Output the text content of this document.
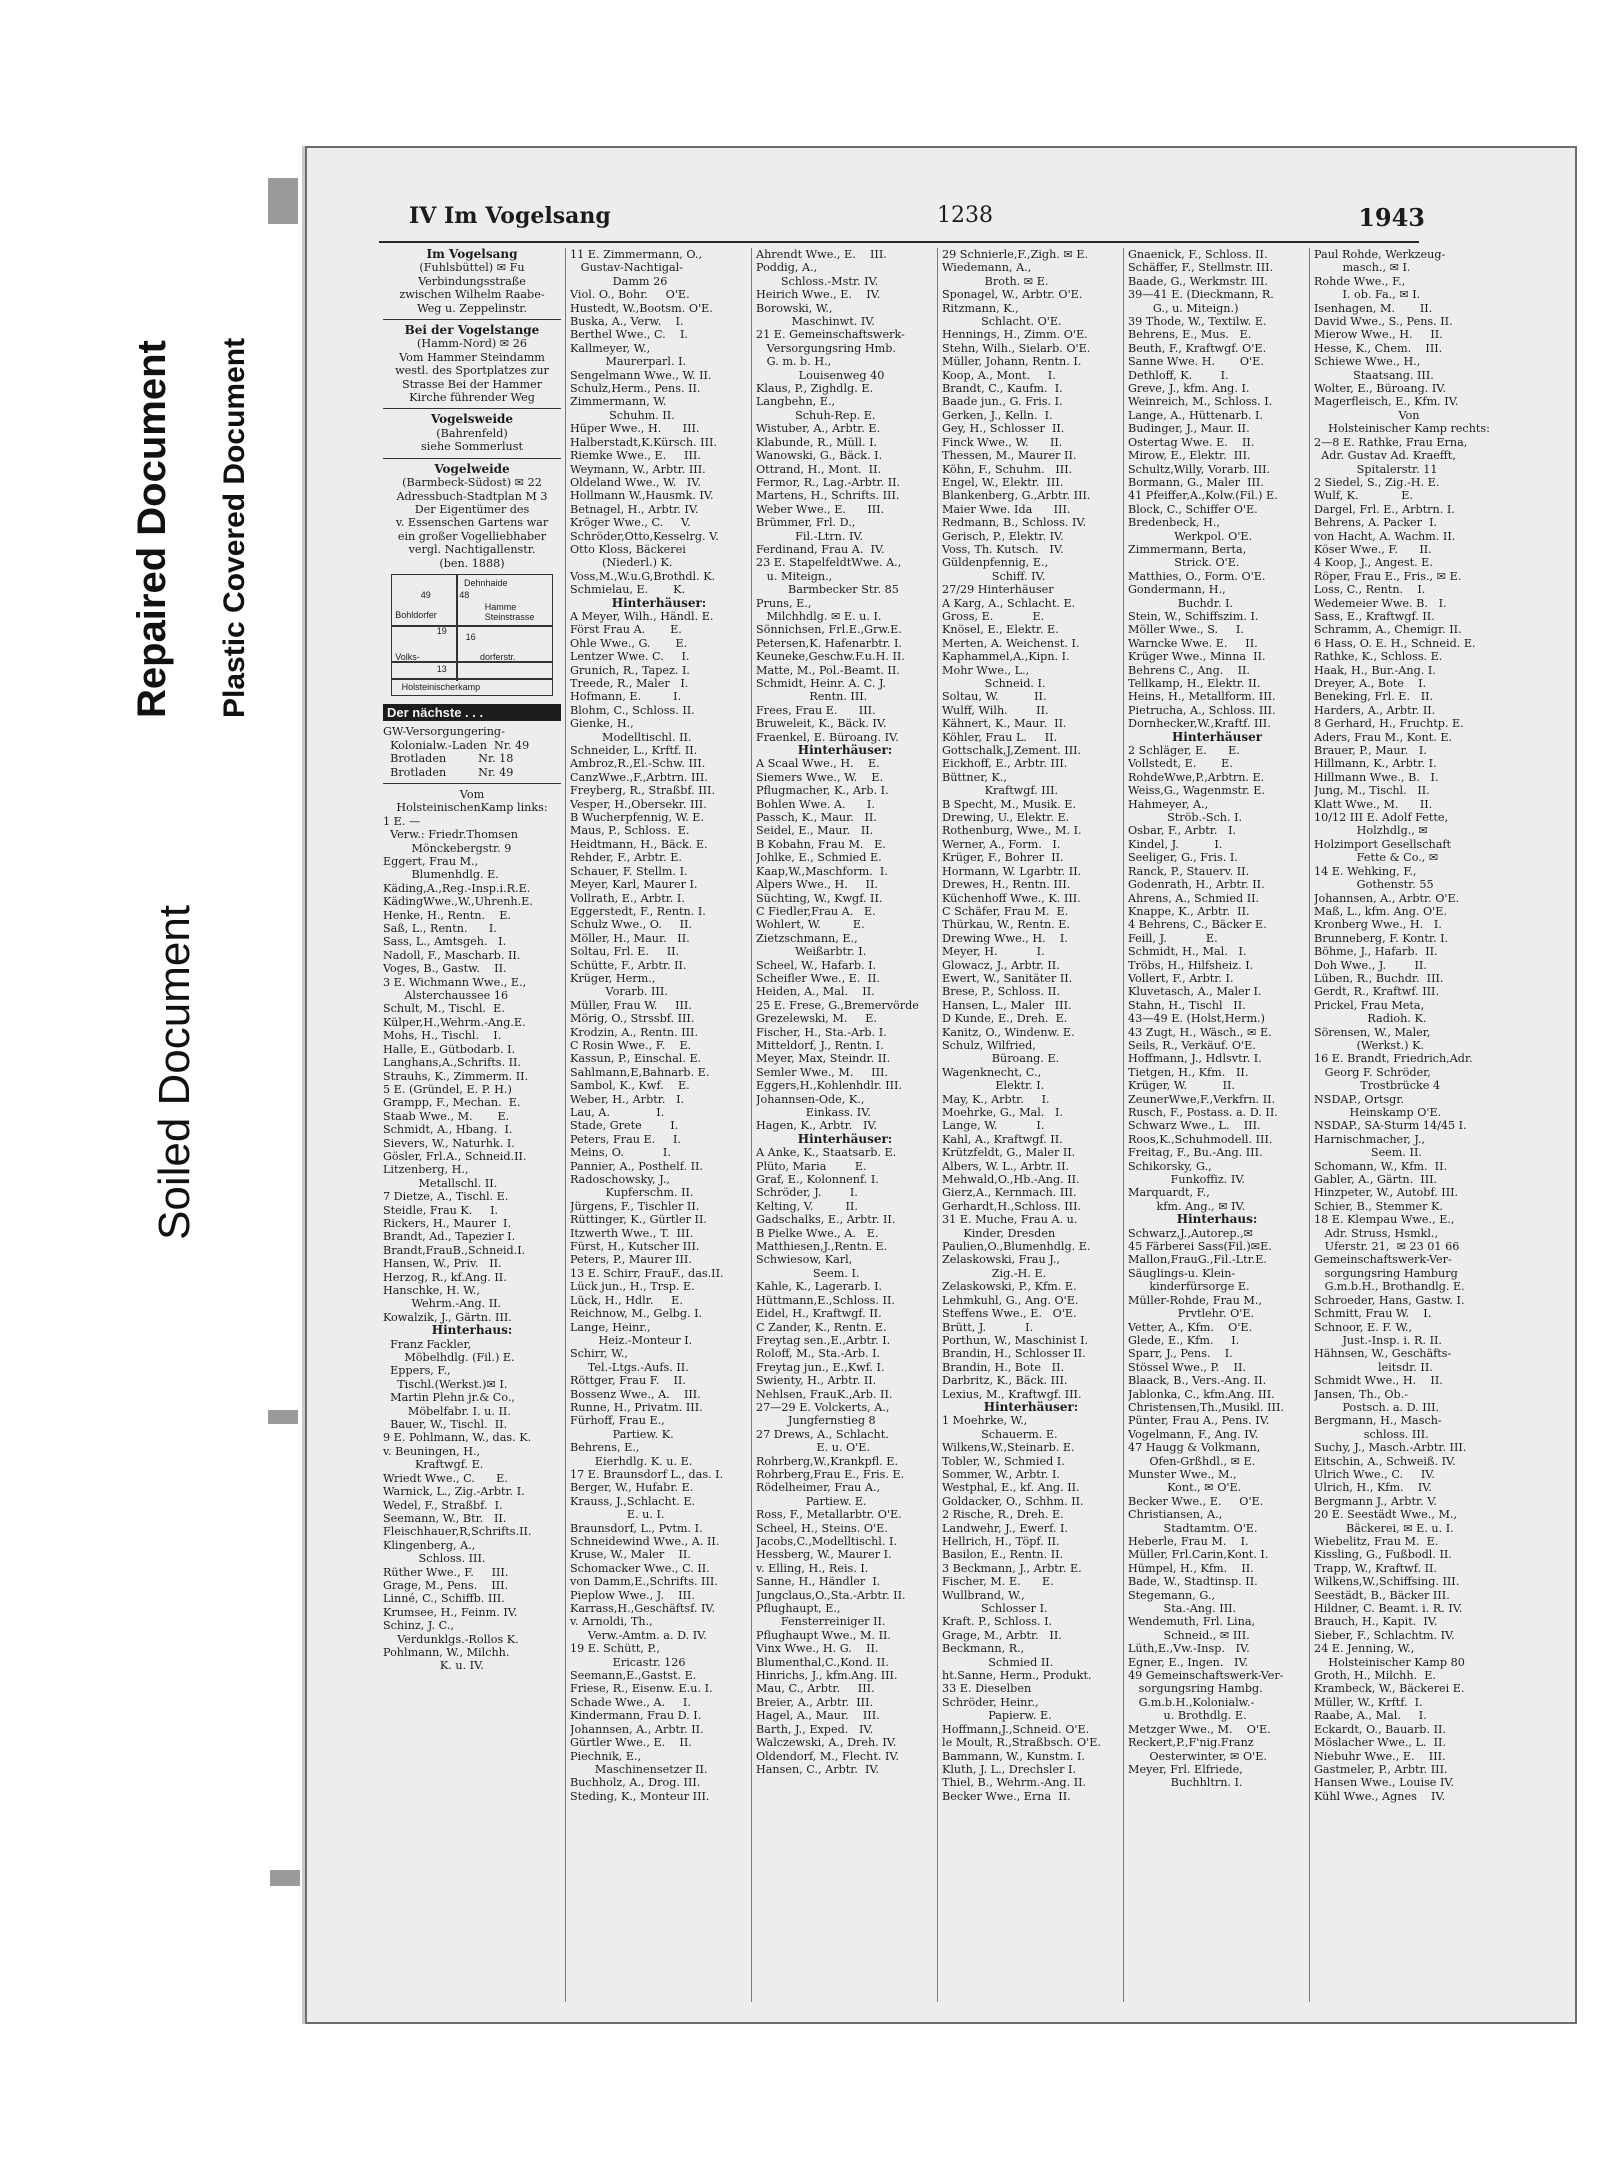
Repaired Document Plastic Covered Document
Soiled Document
IV Im Vogelsang	1238	1943
Im Vogelsang
(Fuhlsbüttel) ✉ Fu
Verbindungsstraße
zwischen Wilhelm Raabe-
Weg u. Zeppelinstr.
Bei der Vogelstange
(Hamm-Nord) ✉ 26
Vom Hammer Steindamm
westl. des Sportplatzes zur
Strasse Bei der Hammer
Kirche führender Weg
Vogelsweide
(Bahrenfeld)
siehe Sommerlust
Vogelweide
(Barmbeck-Südost) ✉ 22
Adressbuch-Stadtplan M 3
Der Eigentümer des
v. Essenschen Gartens war
ein großer Vogelliebhaber
vergl. Nachtigallenstr.
(ben. 1888)
Dehnhaide
49	48
Bohldorfer
Hamme
Steinstrasse
19
16
Volks-	dorferstr.
13
Holsteinischerkamp
Der nächste . . .
GW-Versorgungering-
Kolonialw.-Laden  Nr. 49
Brotladen         Nr. 18
Brotladen         Nr. 49
Vom
HolsteinischenKamp links:
1 E. —
Verw.: Friedr.Thomsen
Mönckebergstr. 9
Eggert, Frau M.,
Blumenhdlg. E.
Käding,A.,Reg.-Insp.i.R.E.
KädingWwe.,W.,Uhrenh.E.
Henke, H., Rentn.    E.
Saß, L., Rentn.      I.
Sass, L., Amtsgeh.   I.
Nadoll, F., Mascharb. II.
Voges, B., Gastw.    II.
3 E. Wichmann Wwe., E.,
Alsterchaussee 16
Schult, M., Tischl.  E.
Külper,H.,Wehrm.-Ang.E.
Mohs, H., Tischl.    I.
Halle, E., Gütbodarb. I.
Langhans,A.,Schrifts. II.
Strauhs, K., Zimmerm. II.
5 E. (Gründel, E. P. H.)
Grampp, F., Mechan.  E.
Staab Wwe., M.       E.
Schmidt, A., Hbang.  I.
Sievers, W., Naturhk. I.
Gösler, Frl.A., Schneid.II.
Litzenberg, H.,
Metallschl. II.
7 Dietze, A., Tischl. E.
Steidle, Frau K.     I.
Rickers, H., Maurer  I.
Brandt, Ad., Tapezier I.
Brandt,FrauB.,Schneid.I.
Hansen, W., Priv.   II.
Herzog, R., kf.Ang. II.
Hanschke, H. W.,
Wehrm.-Ang. II.
Kowalzik, J., Gärtn. III.
Hinterhaus:
Franz Fackler,
Möbelhdlg. (Fil.) E.
Eppers, F.,
Tischl.(Werkst.)✉ I.
Martin Plehn jr.& Co.,
Möbelfabr. I. u. II.
Bauer, W., Tischl.  II.
9 E. Pohlmann, W., das. K.
v. Beuningen, H.,
Kraftwgf. E.
Wriedt Wwe., C.      E.
Warnick, L., Zig.-Arbtr. I.
Wedel, F., Straßbf.  I.
Seemann, W., Btr.   II.
Fleischhauer,R,Schrifts.II.
Klingenberg, A.,
Schloss. III.
Rüther Wwe., F.     III.
Grage, M., Pens.    III.
Linné, C., Schiffb. III.
Krumsee, H., Feinm. IV.
Schinz, J. C.,
Verdunklgs.-Rollos K.
Pohlmann, W., Milchh.
K. u. IV.
11 E. Zimmermann, O.,
Gustav-Nachtigal-
Damm 26
Viol. O., Bohr.     O'E.
Hustedt, W.,Bootsm. O'E.
Buska, A., Verw.    I.
Berthel Wwe., C.    I.
Kallmeyer, W.,
Maurerparl. I.
Sengelmann Wwe., W. II.
Schulz,Herm., Pens. II.
Zimmermann, W.
Schuhm. II.
Hüper Wwe., H.      III.
Halberstadt,K.Kürsch. III.
Riemke Wwe., E.     III.
Weymann, W., Arbtr. III.
Oldeland Wwe., W.   IV.
Hollmann W.,Hausmk. IV.
Betnagel, H., Arbtr. IV.
Kröger Wwe., C.     V.
Schröder,Otto,Kesselrg. V.
Otto Kloss, Bäckerei
(Niederl.) K.
Voss,M.,W.u.G,Brothdl. K.
Schmielau, E.       K.
Hinterhäuser:
A Meyer, Wilh., Händl. E.
Först Frau A.       E.
Ohle Wwe., G.       E.
Lentzer Wwe. C.     I.
Grunich, R., Tapez. I.
Treede, R., Maler   I.
Hofmann, E.         I.
Blohm, C., Schloss. II.
Gienke, H.,
Modelltischl. II.
Schneider, L., Krftf. II.
Ambroz,R.,El.-Schw. III.
CanzWwe.,F.,Arbtrn. III.
Freyberg, R., Straßbf. III.
Vesper, H.,Obersekr. III.
B Wucherpfennig, W. E.
Maus, P., Schloss.  E.
Heidtmann, H., Bäck. E.
Rehder, F., Arbtr. E.
Schauer, F. Stellm. I.
Meyer, Karl, Maurer I.
Vollrath, E., Arbtr. I.
Eggerstedt, F., Rentn. I.
Schulz Wwe., O.     II.
Möller, H., Maur.   II.
Soltau, Frl. E.     II.
Schütte, F., Arbtr. II.
Krüger, Herm.,
Vorarb. III.
Müller, Frau W.     III.
Mörig, O., Strssbf. III.
Krodzin, A., Rentn. III.
C Rosin Wwe., F.    E.
Kassun, P., Einschal. E.
Sahlmann,E,Bahnarb. E.
Sambol, K., Kwf.    E.
Weber, H., Arbtr.   I.
Lau, A.             I.
Stade, Grete        I.
Peters, Frau E.     I.
Meins, O.           I.
Pannier, A., Posthelf. II.
Radoschowsky, J.,
Kupferschm. II.
Jürgens, F., Tischler II.
Rüttinger, K., Gürtler II.
Itzwerth Wwe., T.  III.
Fürst, H., Kutscher III.
Peters, P., Maurer III.
13 E. Schirr, FrauF., das.II.
Lück jun., H., Trsp. E.
Lück, H., Hdlr.     E.
Reichnow, M., Gelbg. I.
Lange, Heinr.,
Heiz.-Monteur I.
Schirr, W.,
Tel.-Ltgs.-Aufs. II.
Röttger, Frau F.    II.
Bossenz Wwe., A.    III.
Runne, H., Privatm. III.
Fürhoff, Frau E.,
Partiew. K.
Behrens, E.,
Eierhdlg. K. u. E.
17 E. Braunsdorf L., das. I.
Berger, W., Hufabr. E.
Krauss, J.,Schlacht. E.
E. u. I.
Braunsdorf, L., Pvtm. I.
Schneidewind Wwe., A. II.
Kruse, W., Maler    II.
Schomacker Wwe., C. II.
von Damm,E.,Schrifts. III.
Pieplow Wwe., J.    III.
Karrass,H.,Geschäftsf. IV.
v. Arnoldi, Th.,
Verw.-Amtm. a. D. IV.
19 E. Schütt, P.,
Ericastr. 126
Seemann,E.,Gastst. E.
Friese, R., Eisenw. E.u. I.
Schade Wwe., A.     I.
Kindermann, Frau D. I.
Johannsen, A., Arbtr. II.
Gürtler Wwe., E.    II.
Piechnik, E.,
Maschinensetzer II.
Buchholz, A., Drog. III.
Steding, K., Monteur III.
Ahrendt Wwe., E.    III.
Poddig, A.,
Schloss.-Mstr. IV.
Heirich Wwe., E.    IV.
Borowski, W.,
Maschinwt. IV.
21 E. Gemeinschaftswerk-
Versorgungsring Hmb.
G. m. b. H.,
Louisenweg 40
Klaus, P., Zighdlg. E.
Langbehn, E.,
Schuh-Rep. E.
Wistuber, A., Arbtr. E.
Klabunde, R., Müll. I.
Wanowski, G., Bäck. I.
Ottrand, H., Mont.  II.
Fermor, R., Lag.-Arbtr. II.
Martens, H., Schrifts. III.
Weber Wwe., E.      III.
Brümmer, Frl. D.,
Fil.-Ltrn. IV.
Ferdinand, Frau A.  IV.
23 E. StapelfeldtWwe. A.,
u. Miteign.,
Barmbecker Str. 85
Pruns, E.,
Milchhdlg. ✉ E. u. I.
Sönnichsen, Frl.E.,Grw.E.
Petersen,K. Hafenarbtr. I.
Keuneke,Geschw.F.u.H. II.
Matte, M., Pol.-Beamt. II.
Schmidt, Heinr. A. C. J.
Rentn. III.
Frees, Frau E.      III.
Bruweleit, K., Bäck. IV.
Fraenkel, E. Büroang. IV.
Hinterhäuser:
A Scaal Wwe., H.    E.
Siemers Wwe., W.    E.
Pflugmacher, K., Arb. I.
Bohlen Wwe. A.      I.
Passch, K., Maur.   II.
Seidel, E., Maur.   II.
B Kobahn, Frau M.   E.
Johlke, E., Schmied E.
Kaap,W.,Maschform.  I.
Alpers Wwe., H.     II.
Süchting, W., Kwgf. II.
C Fiedler,Frau A.   E.
Wohlert, W.         E.
Zietzschmann, E.,
Weißarbtr. I.
Scheel, W., Hafarb. I.
Scheifler Wwe., E.  II.
Heiden, A., Mal.    II.
25 E. Frese, G.,Bremervörde
Grezelewski, M.     E.
Fischer, H., Sta.-Arb. I.
Mitteldorf, J., Rentn. I.
Meyer, Max, Steindr. II.
Semler Wwe., M.     III.
Eggers,H.,Kohlenhdlr. III.
Johannsen-Ode, K.,
Einkass. IV.
Hagen, K., Arbtr.   IV.
Hinterhäuser:
A Anke, K., Staatsarb. E.
Plüto, Maria        E.
Graf, E., Kolonnenf. I.
Schröder, J.        I.
Kelting, V.         II.
Gadschalks, E., Arbtr. II.
B Pielke Wwe., A.   E.
Matthiesen,J.,Rentn. E.
Schwiesow, Karl,
Seem. I.
Kahle, K., Lagerarb. I.
Hüttmann,E.,Schloss. II.
Eidel, H., Kraftwgf. II.
C Zander, K., Rentn. E.
Freytag sen.,E.,Arbtr. I.
Roloff, M., Sta.-Arb. I.
Freytag jun., E.,Kwf. I.
Swienty, H., Arbtr. II.
Nehlsen, FrauK.,Arb. II.
27—29 E. Volckerts, A.,
Jungfernstieg 8
27 Drews, A., Schlacht.
E. u. O'E.
Rohrberg,W.,Krankpfl. E.
Rohrberg,Frau E., Fris. E.
Rödelheimer, Frau A.,
Partiew. E.
Ross, F., Metallarbtr. O'E.
Scheel, H., Steins. O'E.
Jacobs,C.,Modelltischl. I.
Hessberg, W., Maurer I.
v. Elling, H., Reis. I.
Sanne, H., Händler  I.
Jungclaus,O.,Sta.-Arbtr. II.
Pflughaupt, E.,
Fensterreiniger II.
Pflughaupt Wwe., M. II.
Vinx Wwe., H. G.    II.
Blumenthal,C.,Kond. II.
Hinrichs, J., kfm.Ang. III.
Mau, C., Arbtr.     III.
Breier, A., Arbtr.  III.
Hagel, A., Maur.    III.
Barth, J., Exped.   IV.
Walczewski, A., Dreh. IV.
Oldendorf, M., Flecht. IV.
Hansen, C., Arbtr.  IV.
29 Schnierle,F.,Zigh. ✉ E.
Wiedemann, A.,
Broth. ✉ E.
Sponagel, W., Arbtr. O'E.
Ritzmann, K.,
Schlacht. O'E.
Hennings, H., Zimm. O'E.
Stehn, Wilh., Sielarb. O'E.
Müller, Johann, Rentn. I.
Koop, A., Mont.     I.
Brandt, C., Kaufm.  I.
Baade jun., G. Fris. I.
Gerken, J., Kelln.  I.
Gey, H., Schlosser  II.
Finck Wwe., W.      II.
Thessen, M., Maurer II.
Köhn, F., Schuhm.   III.
Engel, W., Elektr.  III.
Blankenberg, G.,Arbtr. III.
Maier Wwe. Ida      III.
Redmann, B., Schloss. IV.
Gerisch, P., Elektr. IV.
Voss, Th. Kutsch.   IV.
Güldenpfennig, E.,
Schiff. IV.
27/29 Hinterhäuser
A Karg, A., Schlacht. E.
Gross, E.           E.
Knösel, E., Elektr. E.
Merten, A. Weichenst. I.
Kaphammel,A.,Kipn. I.
Mohr Wwe., L.,
Schneid. I.
Soltau, W.          II.
Wulff, Wilh.        II.
Kähnert, K., Maur.  II.
Köhler, Frau L.     II.
Gottschalk,J,Zement. III.
Eickhoff, E., Arbtr. III.
Büttner, K.,
Kraftwgf. III.
B Specht, M., Musik. E.
Drewing, U., Elektr. E.
Rothenburg, Wwe., M. I.
Werner, A., Form.   I.
Krüger, F., Bohrer  II.
Hormann, W. Lgarbtr. II.
Drewes, H., Rentn. III.
Küchenhoff Wwe., K. III.
C Schäfer, Frau M.  E.
Thürkau, W., Rentn. E.
Drewing Wwe., H.    I.
Meyer, H.           I.
Glowacz, J., Arbtr. II.
Ewert, W., Sanitäter II.
Brese, P., Schloss. II.
Hansen, L., Maler   III.
D Kunde, E., Dreh.  E.
Kanitz, O., Windenw. E.
Schulz, Wilfried,
Büroang. E.
Wagenknecht, C.,
Elektr. I.
May, K., Arbtr.     I.
Moehrke, G., Mal.   I.
Lange, W.           I.
Kahl, A., Kraftwgf. II.
Krützfeldt, G., Maler II.
Albers, W. L., Arbtr. II.
Mehwald,O.,Hb.-Ang. II.
Gierz,A., Kernmach. III.
Gerhardt,H.,Schloss. III.
31 E. Muche, Frau A. u.
Kinder, Dresden
Paulien,O.,Blumenhdlg. E.
Zelaskowski, Frau J.,
Zig.-H. E.
Zelaskowski, P., Kfm. E.
Lehmkuhl, G., Ang. O'E.
Steffens Wwe., E.   O'E.
Brütt, J.           I.
Porthun, W., Maschinist I.
Brandin, H., Schlosser II.
Brandin, H., Bote   II.
Darbritz, K., Bäck. III.
Lexius, M., Kraftwgf. III.
Hinterhäuser:
1 Moehrke, W.,
Schauerm. E.
Wilkens,W.,Steinarb. E.
Tobler, W., Schmied I.
Sommer, W., Arbtr. I.
Westphal, E., kf. Ang. II.
Goldacker, O., Schhm. II.
2 Rische, R., Dreh. E.
Landwehr, J., Ewerf. I.
Hellrich, H., Töpf. II.
Basilon, E., Rentn. II.
3 Beckmann, J., Arbtr. E.
Fischer, M. E.      E.
Wullbrand, W.,
Schlosser I.
Kraft. P., Schloss. I.
Grage, M., Arbtr.   II.
Beckmann, R.,
Schmied II.
ht.Sanne, Herm., Produkt.
33 E. Dieselben
Schröder, Heinr.,
Papierw. E.
Hoffmann,J.,Schneid. O'E.
le Moult, R.,Straßbsch. O'E.
Bammann, W., Kunstm. I.
Kluth, J. L., Drechsler I.
Thiel, B., Wehrm.-Ang. II.
Becker Wwe., Erna  II.
Gnaenick, F., Schloss. II.
Schäffer, F., Stellmstr. III.
Baade, G., Werkmstr. III.
39—41 E. (Dieckmann, R.
G., u. Miteign.)
39 Thode, W., Textilw. E.
Behrens, E., Mus.   E.
Beuth, F., Kraftwgf. O'E.
Sanne Wwe. H.       O'E.
Dethloff, K.        I.
Greve, J., kfm. Ang. I.
Weinreich, M., Schloss. I.
Lange, A., Hüttenarb. I.
Budinger, J., Maur. II.
Ostertag Wwe. E.    II.
Mirow, E., Elektr.  III.
Schultz,Willy, Vorarb. III.
Bormann, G., Maler  III.
41 Pfeiffer,A.,Kolw.(Fil.) E.
Block, C., Schiffer O'E.
Bredenbeck, H.,
Werkpol. O'E.
Zimmermann, Berta,
Strick. O'E.
Matthies, O., Form. O'E.
Gondermann, H.,
Buchdr. I.
Stein, W., Schiffszim. I.
Möller Wwe., S.     I.
Warncke Wwe. E.     II.
Krüger Wwe., Minna  II.
Behrens C., Ang.    II.
Tellkamp, H., Elektr. II.
Heins, H., Metallform. III.
Pietrucha, A., Schloss. III.
Dornhecker,W.,Kraftf. III.
Hinterhäuser
2 Schläger, E.      E.
Vollstedt, E.       E.
RohdeWwe,P.,Arbtrn. E.
Weiss,G., Wagenmstr. E.
Hahmeyer, A.,
Ströb.-Sch. I.
Osbar, F., Arbtr.   I.
Kindel, J.          I.
Seeliger, G., Fris. I.
Ranck, P., Stauerv. II.
Godenrath, H., Arbtr. II.
Ahrens, A., Schmied II.
Knappe, K., Arbtr.  II.
4 Behrens, C., Bäcker E.
Feill, J.           E.
Schmidt, H., Mal.   I.
Tröbs, H., Hilfsheiz. I.
Vollert, F., Arbtr. I.
Kluvetasch, A., Maler I.
Stahn, H., Tischl   II.
43—49 E. (Holst,Herm.)
43 Zugt, H., Wäsch., ✉ E.
Seils, R., Verkäuf. O'E.
Hoffmann, J., Hdlsvtr. I.
Tietgen, H., Kfm.   II.
Krüger, W.          II.
ZeunerWwe,F.,Verkfrn. II.
Rusch, F., Postass. a. D. II.
Schwarz Wwe., L.    III.
Roos,K.,Schuhmodell. III.
Freitag, F., Bu.-Ang. III.
Schikorsky, G.,
Funkoffiz. IV.
Marquardt, F.,
kfm. Ang., ✉ IV.
Hinterhaus:
Schwarz,J.,Autorep.,✉
45 Färberei Sass(Fil.)✉E.
Mallon,FrauG.,Fil.-Ltr.E.
Säuglings-u. Klein-
kinderfürsorge E.
Müller-Rohde, Frau M.,
Prvtlehr. O'E.
Vetter, A., Kfm.    O'E.
Glede, E., Kfm.     I.
Sparr, J., Pens.    I.
Stössel Wwe., P.    II.
Blaack, B., Vers.-Ang. II.
Jablonka, C., kfm.Ang. III.
Christensen,Th.,Musikl. III.
Pünter, Frau A., Pens. IV.
Vogelmann, F., Ang. IV.
47 Haugg & Volkmann,
Ofen-Grßhdl., ✉ E.
Munster Wwe., M.,
Kont., ✉ O'E.
Becker Wwe., E.     O'E.
Christiansen, A.,
Stadtamtm. O'E.
Heberle, Frau M.    I.
Müller, Frl.Carin,Kont. I.
Hümpel, H., Kfm.    II.
Bade, W., Stadtinsp. II.
Stegemann, G.,
Sta.-Ang. III.
Wendemuth, Frl. Lina,
Schneid., ✉ III.
Lüth,E.,Vw.-Insp.   IV.
Egner, E., Ingen.   IV.
49 Gemeinschaftswerk-Ver-
sorgungsring Hambg.
G.m.b.H.,Kolonialw.-
u. Brothdlg. E.
Metzger Wwe., M.    O'E.
Reckert,P.,F'nig.Franz
Oesterwinter, ✉ O'E.
Meyer, Frl. Elfriede,
Buchhltrn. I.
Paul Rohde, Werkzeug-
masch., ✉ I.
Rohde Wwe., F.,
I. ob. Fa., ✉ I.
Isenhagen, M.       II.
David Wwe., S., Pens. II.
Mierow Wwe., H.     II.
Hesse, K., Chem.    III.
Schiewe Wwe., H.,
Staatsang. III.
Wolter, E., Büroang. IV.
Magerfleisch, E., Kfm. IV.
Von
Holsteinischer Kamp rechts:
2—8 E. Rathke, Frau Erna,
Adr. Gustav Ad. Kraefft,
Spitalerstr. 11
2 Siedel, S., Zig.-H. E.
Wulf, K.            E.
Dargel, Frl. E., Arbtrn. I.
Behrens, A. Packer  I.
von Hacht, A. Wachm. II.
Köser Wwe., F.      II.
4 Koop, J., Angest. E.
Röper, Frau E., Fris., ✉ E.
Loss, C., Rentn.    I.
Wedemeier Wwe. B.   I.
Sass, E., Kraftwgf. II.
Schramm, A., Chemigr. II.
6 Hass, O. E. H., Schneid. E.
Rathke, K., Schloss. E.
Haak, H., Bur.-Ang. I.
Dreyer, A., Bote    I.
Beneking, Frl. E.   II.
Harders, A., Arbtr. II.
8 Gerhard, H., Fruchtp. E.
Aders, Frau M., Kont. E.
Brauer, P., Maur.   I.
Hillmann, K., Arbtr. I.
Hillmann Wwe., B.   I.
Jung, M., Tischl.   II.
Klatt Wwe., M.      II.
10/12 III E. Adolf Fette,
Holzhdlg., ✉
Holzimport Gesellschaft
Fette & Co., ✉
14 E. Wehking, F.,
Gothenstr. 55
Johannsen, A., Arbtr. O'E.
Maß, L., kfm. Ang. O'E.
Kronberg Wwe., H.   I.
Brunneberg, F. Kontr. I.
Böhme, J., Hafarb.  II.
Doh Wwe., J.        II.
Lüben, R., Buchdr.  III.
Gerdt, R., Kraftwf. III.
Prickel, Frau Meta,
Radioh. K.
Sörensen, W., Maler,
(Werkst.) K.
16 E. Brandt, Friedrich,Adr.
Georg F. Schröder,
Trostbrücke 4
NSDAP., Ortsgr.
Heinskamp O'E.
NSDAP., SA-Sturm 14/45 I.
Harnischmacher, J.,
Seem. II.
Schomann, W., Kfm.  II.
Gabler, A., Gärtn.  III.
Hinzpeter, W., Autobf. III.
Schier, B., Stemmer K.
18 E. Klempau Wwe., E.,
Adr. Struss, Hsmkl.,
Uferstr. 21,  ✉ 23 01 66
Gemeinschaftswerk-Ver-
sorgungsring Hamburg
G.m.b.H., Brothandlg. E.
Schroeder, Hans, Gastw. I.
Schmitt, Frau W.    I.
Schnoor, E. F. W.,
Just.-Insp. i. R. II.
Hähnsen, W., Geschäfts-
leitsdr. II.
Schmidt Wwe., H.    II.
Jansen, Th., Ob.-
Postsch. a. D. III.
Bergmann, H., Masch-
schloss. III.
Suchy, J., Masch.-Arbtr. III.
Eitschin, A., Schweiß. IV.
Ulrich Wwe., C.     IV.
Ulrich, H., Kfm.    IV.
Bergmann J., Arbtr. V.
20 E. Seestädt Wwe., M.,
Bäckerei, ✉ E. u. I.
Wiebelitz, Frau M.  E.
Kissling, G., Fußbodl. II.
Trapp, W., Kraftwf. II.
Wilkens,W.,Schiffsing. III.
Seestädt, B., Bäcker III.
Hildner, C. Beamt. i. R. IV.
Brauch, H., Kapit.  IV.
Sieber, F., Schlachtm. IV.
24 E. Jenning, W.,
Holsteinischer Kamp 80
Groth, H., Milchh.  E.
Krambeck, W., Bäckerei E.
Müller, W., Krftf.  I.
Raabe, A., Mal.     I.
Eckardt, O., Bauarb. II.
Möslacher Wwe., L.  II.
Niebuhr Wwe., E.    III.
Gastmeler, P., Arbtr. III.
Hansen Wwe., Louise IV.
Kühl Wwe., Agnes    IV.
